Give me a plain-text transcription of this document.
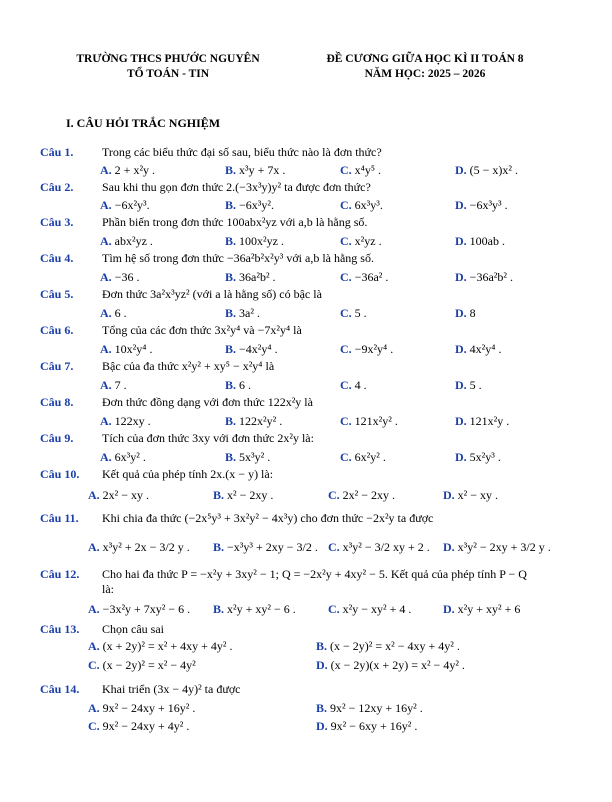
TRƯỜNG THCS PHƯỚC NGUYÊN
TỔ TOÁN - TIN
ĐỀ CƯƠNG GIỮA HỌC KÌ II TOÁN 8
NĂM HỌC: 2025 – 2026
I. CÂU HỎI TRẮC NGHIỆM
Câu 1. Trong các biểu thức đại số sau, biểu thức nào là đơn thức?
A. 2 + x²y .	B. x³y + 7x .	C. x⁴y⁵ .	D. (5 − x)x² .
Câu 2. Sau khi thu gọn đơn thức 2.(−3x³y)y² ta được đơn thức?
A. −6x²y³.	B. −6x³y².	C. 6x³y³.	D. −6x³y³ .
Câu 3. Phần biến trong đơn thức 100abx²yz với a,b là hằng số.
A. abx²yz .	B. 100x²yz .	C. x²yz .	D. 100ab .
Câu 4. Tìm hệ số trong đơn thức −36a²b²x²y³ với a,b là hằng số.
A. −36 .	B. 36a²b² .	C. −36a² .	D. −36a²b² .
Câu 5. Đơn thức 3a²x³yz² (với a là hằng số) có bậc là
A. 6 .	B. 3a² .	C. 5 .	D. 8
Câu 6. Tổng của các đơn thức 3x²y⁴ và −7x²y⁴ là
A. 10x²y⁴ .	B. −4x²y⁴ .	C. −9x²y⁴ .	D. 4x²y⁴ .
Câu 7. Bậc của đa thức x²y² + xy⁵ − x²y⁴ là
A. 7 .	B. 6 .	C. 4 .	D. 5 .
Câu 8. Đơn thức đồng dạng với đơn thức 122x²y là
A. 122xy .	B. 122x²y² .	C. 121x²y² .	D. 121x²y .
Câu 9. Tích của đơn thức 3xy với đơn thức 2x²y là:
A. 6x³y² .	B. 5x³y² .	C. 6x²y² .	D. 5x²y³ .
Câu 10. Kết quả của phép tính 2x.(x − y) là:
A. 2x² − xy .	B. x² − 2xy .	C. 2x² − 2xy .	D. x² − xy .
Câu 11. Khi chia đa thức (−2x⁵y³ + 3x²y² − 4x³y) cho đơn thức −2x²y ta được
A. x³y² + 2x − 3/2 y . B. −x³y³ + 2xy − 3/2 . C. x³y² − 3/2 xy + 2 . D. x³y² − 2xy + 3/2 y .
Câu 12. Cho hai đa thức P = −x²y + 3xy² − 1; Q = −2x²y + 4xy² − 5. Kết quả của phép tính P − Q
là:
A. −3x²y + 7xy² − 6 . B. x²y + xy² − 6 .	C. x²y − xy² + 4 .	D. x²y + xy² + 6
Câu 13. Chọn câu sai
A. (x + 2y)² = x² + 4xy + 4y² .	B. (x − 2y)² = x² − 4xy + 4y² .
C. (x − 2y)² = x² − 4y²	D. (x − 2y)(x + 2y) = x² − 4y² .
Câu 14. Khai triển (3x − 4y)² ta được
A. 9x² − 24xy + 16y² .	B. 9x² − 12xy + 16y² .
C. 9x² − 24xy + 4y² .	D. 9x² − 6xy + 16y² .
